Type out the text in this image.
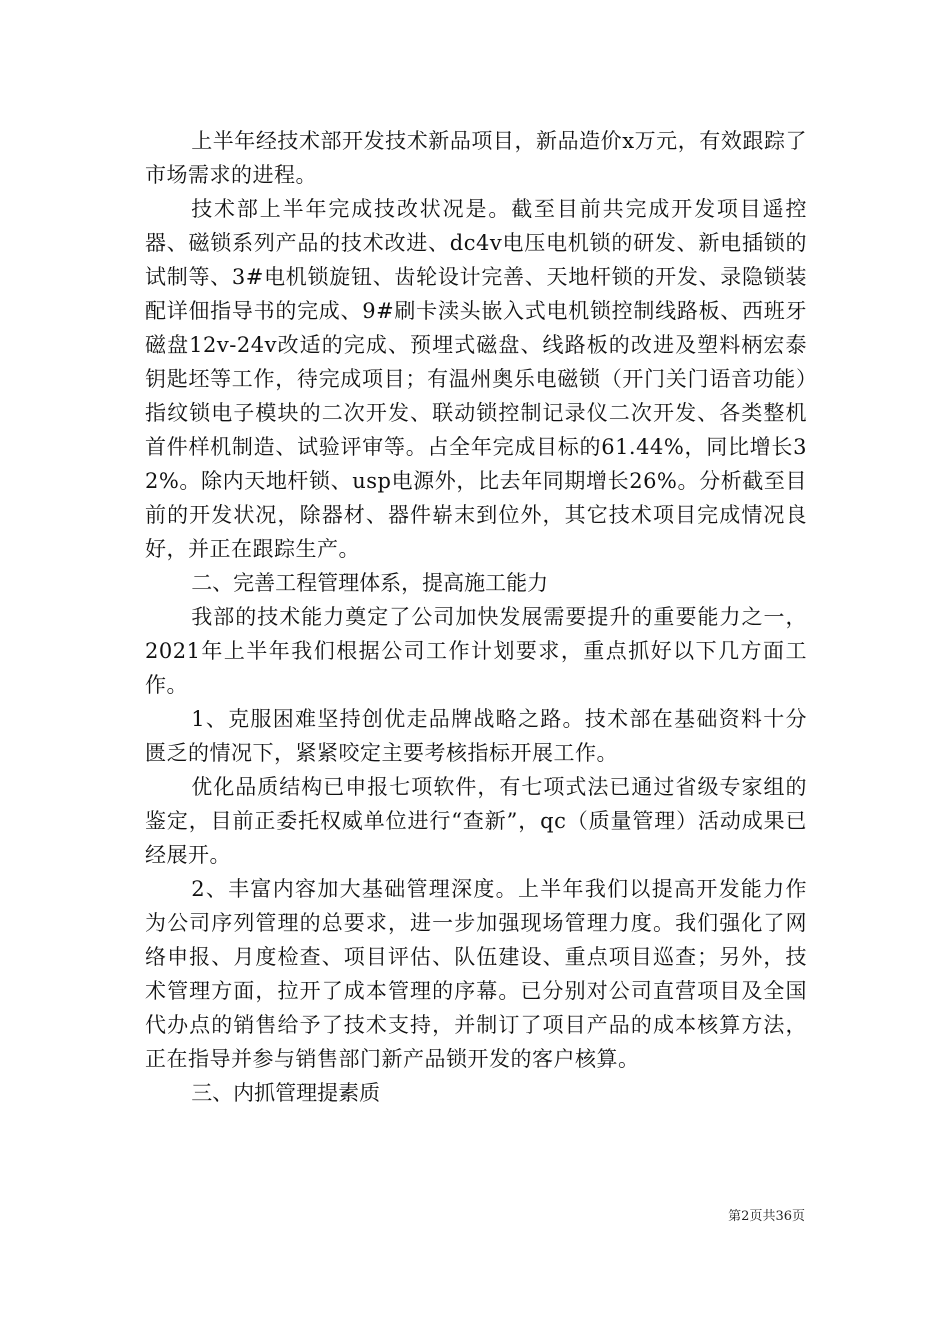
上半年经技术部开发技术新品项目，新品造价x万元，有效跟踪了市场需求的进程。

技术部上半年完成技改状况是。截至目前共完成开发项目遥控器、磁锁系列产品的技术改进、dc4v电压电机锁的研发、新电插锁的试制等、3#电机锁旋钮、齿轮设计完善、天地杆锁的开发、录隐锁装配详佃指导书的完成、9#刷卡渎头嵌入式电机锁控制线路板、西班牙磁盘12v-24v改适的完成、预埋式磁盘、线路板的改进及塑料柄宏泰钥匙坯等工作，待完成项目；有温州奥乐电磁锁（开门关门语音功能）指纹锁电子模块的二次开发、联动锁控制记录仪二次开发、各类整机首件样机制造、试验评审等。占全年完成目标的61.44%，同比增长32%。除内天地杆锁、usp电源外，比去年同期增长26%。分析截至目前的开发状况，除器材、器件崭末到位外，其它技术项目完成情况良好，并正在跟踪生产。

二、完善工程管理体系，提高施工能力

我部的技术能力奠定了公司加快发展需要提升的重要能力之一，2021年上半年我们根据公司工作计划要求，重点抓好以下几方面工作。

1、克服困难坚持创优走品牌战略之路。技术部在基础资料十分匮乏的情况下，紧紧咬定主要考核指标开展工作。

优化品质结构已申报七项软件，有七项式法已通过省级专家组的鉴定，目前正委托权威单位进行“查新”，qc（质量管理）活动成果已经展开。

2、丰富内容加大基础管理深度。上半年我们以提高开发能力作为公司序列管理的总要求，进一步加强现场管理力度。我们强化了网络申报、月度检查、项目评估、队伍建设、重点项目巡查；另外，技术管理方面，拉开了成本管理的序幕。已分别对公司直营项目及全国代办点的销售给予了技术支持，并制订了项目产品的成本核算方法，正在指导并参与销售部门新产品锁开发的客户核算。

三、内抓管理提素质

第2页共36页
